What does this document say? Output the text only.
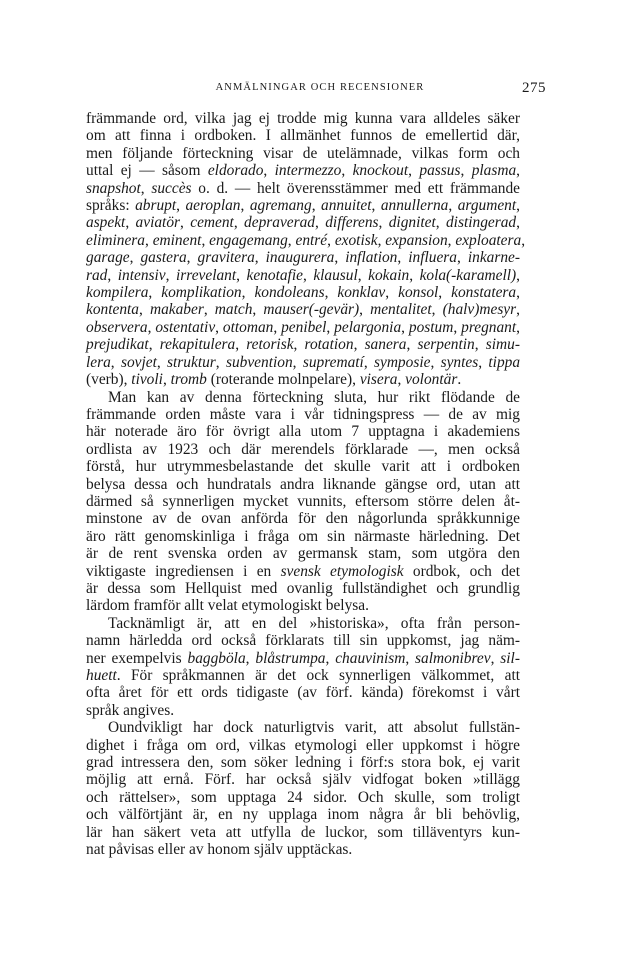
ANMÄLNINGAR OCH RECENSIONER	275
främmande ord, vilka jag ej trodde mig kunna vara alldeles säker
om att finna i ordboken. I allmänhet funnos de emellertid där,
men följande förteckning visar de utelämnade, vilkas form och
uttal ej — såsom eldorado, intermezzo, knockout, passus, plasma,
snapshot, succès o. d. — helt överensstämmer med ett främmande
språks: abrupt, aeroplan, agremang, annuitet, annullerna, argument,
aspekt, aviatör, cement, depraverad, differens, dignitet, distingerad,
eliminera, eminent, engagemang, entré, exotisk, expansion, exploatera,
garage, gastera, gravitera, inaugurera, inflation, influera, inkarne-
rad, intensiv, irrevelant, kenotafie, klausul, kokain, kola(-karamell),
kompilera, komplikation, kondoleans, konklav, konsol, konstatera,
kontenta, makaber, match, mauser(-gevär), mentalitet, (halv)mesyr,
observera, ostentativ, ottoman, penibel, pelargonia, postum, pregnant,
prejudikat, rekapitulera, retorisk, rotation, sanera, serpentin, simu-
lera, sovjet, struktur, subvention, suprematí, symposie, syntes, tippa
(verb), tivoli, tromb (roterande molnpelare), visera, volontär.
Man kan av denna förteckning sluta, hur rikt flödande de
främmande orden måste vara i vår tidningspress — de av mig
här noterade äro för övrigt alla utom 7 upptagna i akademiens
ordlista av 1923 och där merendels förklarade —, men också
förstå, hur utrymmesbelastande det skulle varit att i ordboken
belysa dessa och hundratals andra liknande gängse ord, utan att
därmed så synnerligen mycket vunnits, eftersom större delen åt-
minstone av de ovan anförda för den någorlunda språkkunnige
äro rätt genomskinliga i fråga om sin närmaste härledning. Det
är de rent svenska orden av germansk stam, som utgöra den
viktigaste ingrediensen i en svensk etymologisk ordbok, och det
är dessa som Hellquist med ovanlig fullständighet och grundlig
lärdom framför allt velat etymologiskt belysa.
Tacknämligt är, att en del »historiska», ofta från person-
namn härledda ord också förklarats till sin uppkomst, jag näm-
ner exempelvis baggböla, blåstrumpa, chauvinism, salmonibrev, sil-
huett. För språkmannen är det ock synnerligen välkommet, att
ofta året för ett ords tidigaste (av förf. kända) förekomst i vårt
språk angives.
Oundvikligt har dock naturligtvis varit, att absolut fullstän-
dighet i fråga om ord, vilkas etymologi eller uppkomst i högre
grad intressera den, som söker ledning i förf:s stora bok, ej varit
möjlig att ernå. Förf. har också själv vidfogat boken »tillägg
och rättelser», som upptaga 24 sidor. Och skulle, som troligt
och välförtjänt är, en ny upplaga inom några år bli behövlig,
lär han säkert veta att utfylla de luckor, som tilläventyrs kun-
nat påvisas eller av honom själv upptäckas.
